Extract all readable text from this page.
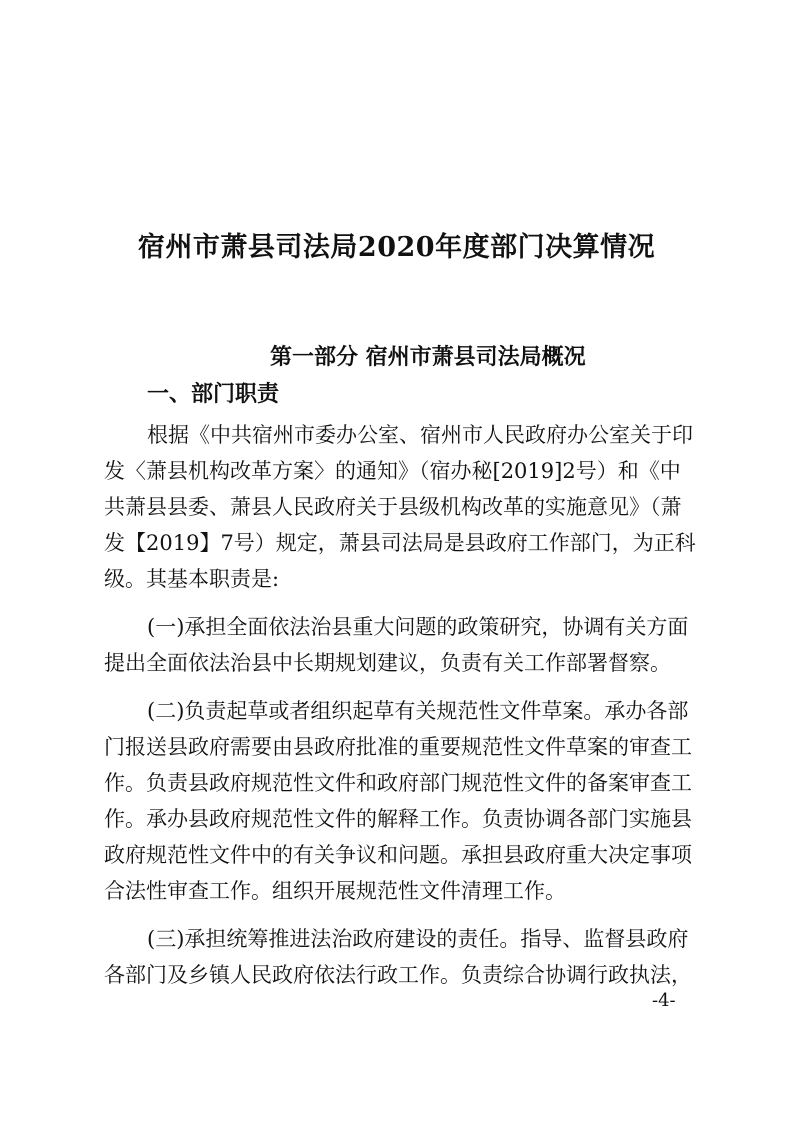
宿州市萧县司法局2020年度部门决算情况
第一部分 宿州市萧县司法局概况
一、部门职责
根据《中共宿州市委办公室、宿州市人民政府办公室关于印
发〈萧县机构改革方案〉的通知》（宿办秘[2019]2号）和《中
共萧县县委、萧县人民政府关于县级机构改革的实施意见》（萧
发【2019】7号）规定，萧县司法局是县政府工作部门，为正科
级。其基本职责是:
(一)承担全面依法治县重大问题的政策研究，协调有关方面
提出全面依法治县中长期规划建议，负责有关工作部署督察。
(二)负责起草或者组织起草有关规范性文件草案。承办各部
门报送县政府需要由县政府批准的重要规范性文件草案的审查工
作。负责县政府规范性文件和政府部门规范性文件的备案审查工
作。承办县政府规范性文件的解释工作。负责协调各部门实施县
政府规范性文件中的有关争议和问题。承担县政府重大决定事项
合法性审查工作。组织开展规范性文件清理工作。
(三)承担统筹推进法治政府建设的责任。指导、监督县政府
各部门及乡镇人民政府依法行政工作。负责综合协调行政执法，
-4-
